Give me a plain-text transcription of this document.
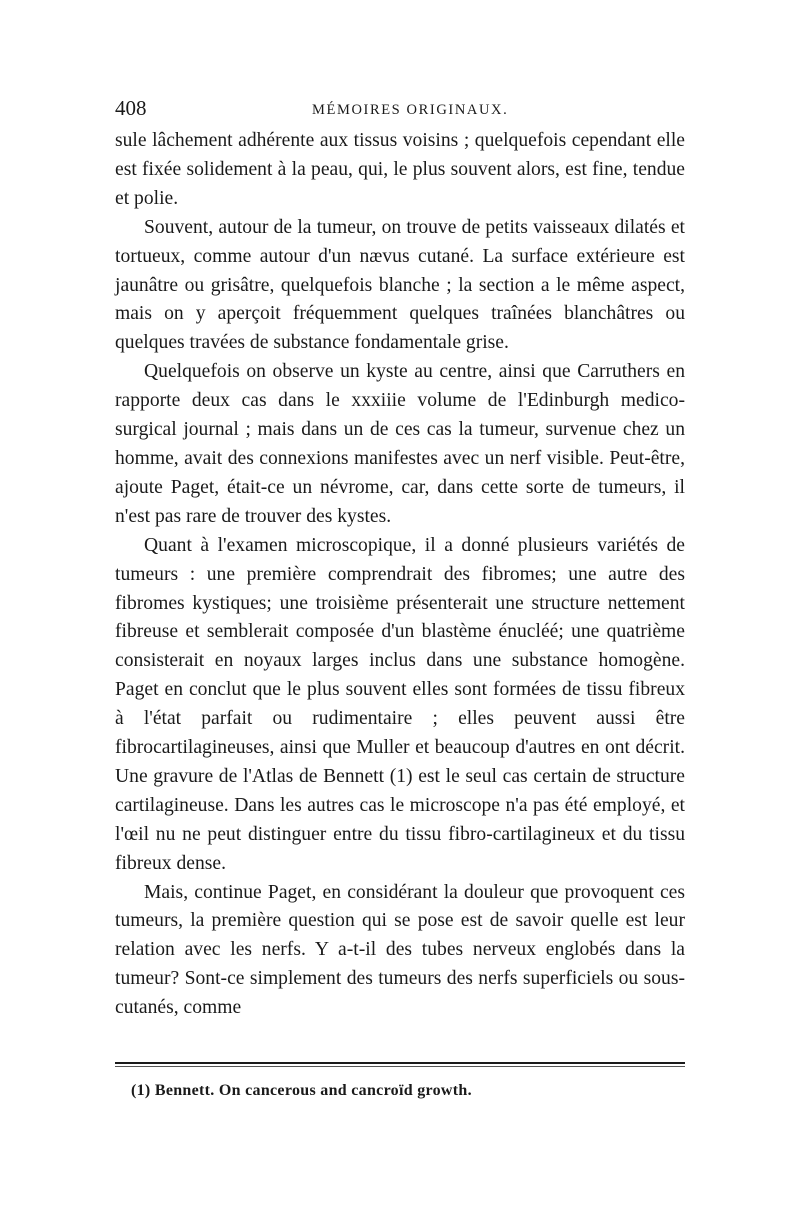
408	MÉMOIRES ORIGINAUX.

sule lâchement adhérente aux tissus voisins ; quelquefois cependant elle est fixée solidement à la peau, qui, le plus souvent alors, est fine, tendue et polie.

Souvent, autour de la tumeur, on trouve de petits vaisseaux dilatés et tortueux, comme autour d'un nævus cutané. La surface extérieure est jaunâtre ou grisâtre, quelquefois blanche ; la section a le même aspect, mais on y aperçoit fréquemment quelques traînées blanchâtres ou quelques travées de substance fondamentale grise.

Quelquefois on observe un kyste au centre, ainsi que Carruthers en rapporte deux cas dans le xxxiiie volume de l'Edinburgh medico-surgical journal ; mais dans un de ces cas la tumeur, survenue chez un homme, avait des connexions manifestes avec un nerf visible. Peut-être, ajoute Paget, était-ce un névrome, car, dans cette sorte de tumeurs, il n'est pas rare de trouver des kystes.

Quant à l'examen microscopique, il a donné plusieurs variétés de tumeurs : une première comprendrait des fibromes; une autre des fibromes kystiques; une troisième présenterait une structure nettement fibreuse et semblerait composée d'un blastème énucléé; une quatrième consisterait en noyaux larges inclus dans une substance homogène. Paget en conclut que le plus souvent elles sont formées de tissu fibreux à l'état parfait ou rudimentaire ; elles peuvent aussi être fibrocartilagineuses, ainsi que Muller et beaucoup d'autres en ont décrit. Une gravure de l'Atlas de Bennett (1) est le seul cas certain de structure cartilagineuse. Dans les autres cas le microscope n'a pas été employé, et l'œil nu ne peut distinguer entre du tissu fibro-cartilagineux et du tissu fibreux dense.

Mais, continue Paget, en considérant la douleur que provoquent ces tumeurs, la première question qui se pose est de savoir quelle est leur relation avec les nerfs. Y a-t-il des tubes nerveux englobés dans la tumeur? Sont-ce simplement des tumeurs des nerfs superficiels ou sous-cutanés, comme

(1) Bennett. On cancerous and cancroïd growth.
